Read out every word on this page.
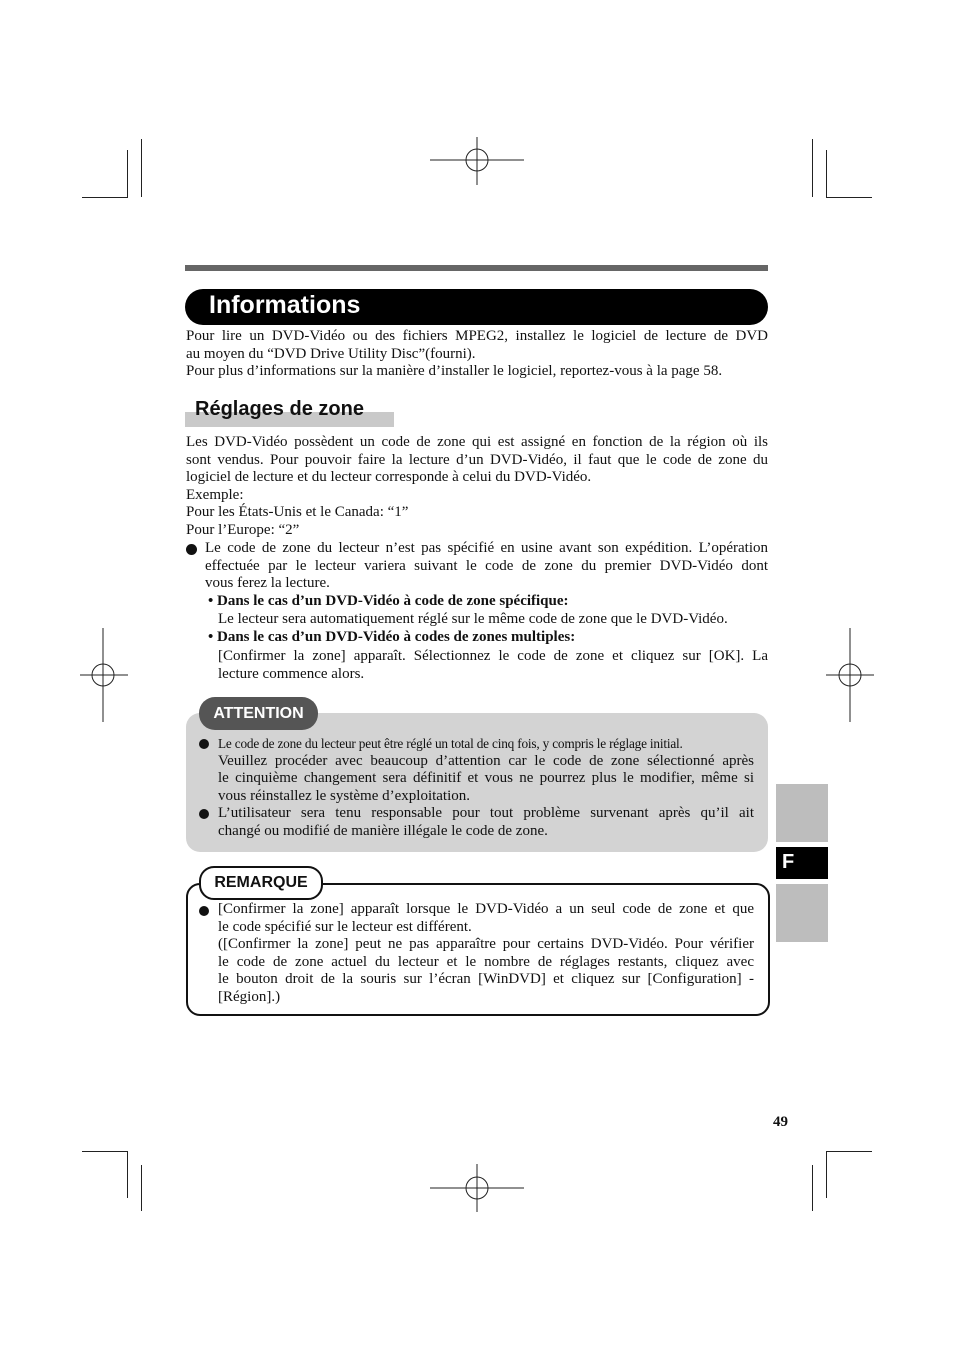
Informations
Pour lire un DVD-Vidéo ou des fichiers MPEG2, installez le logiciel de lecture de DVD
au moyen du “DVD Drive Utility Disc”(fourni).
Pour plus d’informations sur la manière d’installer le logiciel, reportez-vous à la page 58.
Réglages de zone
Les DVD-Vidéo possèdent un code de zone qui est assigné en fonction de la région où ils
sont vendus. Pour pouvoir faire la lecture d’un DVD-Vidéo, il faut que le code de zone du
logiciel de lecture et du lecteur corresponde à celui du DVD-Vidéo.
Exemple:
Pour les États-Unis et le Canada: “1”
Pour l’Europe: “2”
Le code de zone du lecteur n’est pas spécifié en usine avant son expédition. L’opération
effectuée par le lecteur variera suivant le code de zone du premier DVD-Vidéo dont
vous ferez la lecture.
• Dans le cas d’un DVD-Vidéo à code de zone spécifique:
Le lecteur sera automatiquement réglé sur le même code de zone que le DVD-Vidéo.
• Dans le cas d’un DVD-Vidéo à codes de zones multiples:
[Confirmer la zone] apparaît. Sélectionnez le code de zone et cliquez sur [OK]. La
lecture commence alors.
ATTENTION
Le code de zone du lecteur peut être réglé un total de cinq fois, y compris le réglage initial.
Veuillez procéder avec beaucoup d’attention car le code de zone sélectionné après
le cinquième changement sera définitif et vous ne pourrez plus le modifier, même si
vous réinstallez le système d’exploitation.
L’utilisateur sera tenu responsable pour tout problème survenant après qu’il ait
changé ou modifié de manière illégale le code de zone.
REMARQUE
[Confirmer la zone] apparaît lorsque le DVD-Vidéo a un seul code de zone et que
le code spécifié sur le lecteur est différent.
([Confirmer la zone] peut ne pas apparaître pour certains DVD-Vidéo. Pour vérifier
le code de zone actuel du lecteur et le nombre de réglages restants, cliquez avec
le bouton droit de la souris sur l’écran [WinDVD] et cliquez sur [Configuration] -
[Région].)
F
49
